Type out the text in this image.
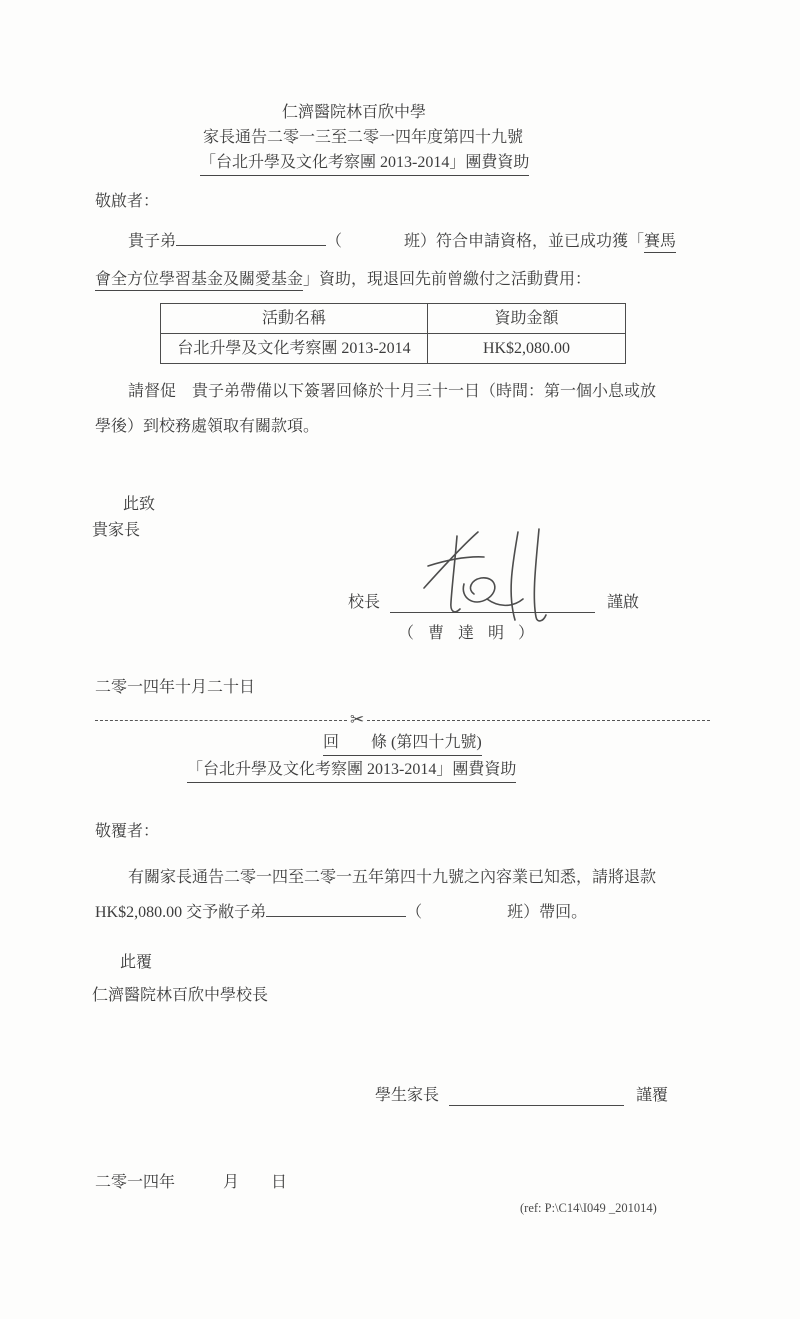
仁濟醫院林百欣中學
家長通告二零一三至二零一四年度第四十九號
「台北升學及文化考察團 2013-2014」團費資助
敬啟者：
貴子弟	（	班）符合申請資格，並已成功獲「賽馬
會全方位學習基金及關愛基金」資助，現退回先前曾繳付之活動費用：
活動名稱	資助金額
台北升學及文化考察團 2013-2014	HK$2,080.00
請督促　貴子弟帶備以下簽署回條於十月三十一日（時間：第一個小息或放
學後）到校務處領取有關款項。
此致
貴家長
校長	謹啟
（ 曹 達 明 ）
二零一四年十月二十日
✂
回　　條 (第四十九號)
「台北升學及文化考察團 2013-2014」團費資助
敬覆者：
有關家長通告二零一四至二零一五年第四十九號之內容業已知悉，請將退款
HK$2,080.00 交予敝子弟	（	班）帶回。
此覆
仁濟醫院林百欣中學校長
學生家長	謹覆
二零一四年　　　月　　日
(ref: P:\C14\I049 _201014)
